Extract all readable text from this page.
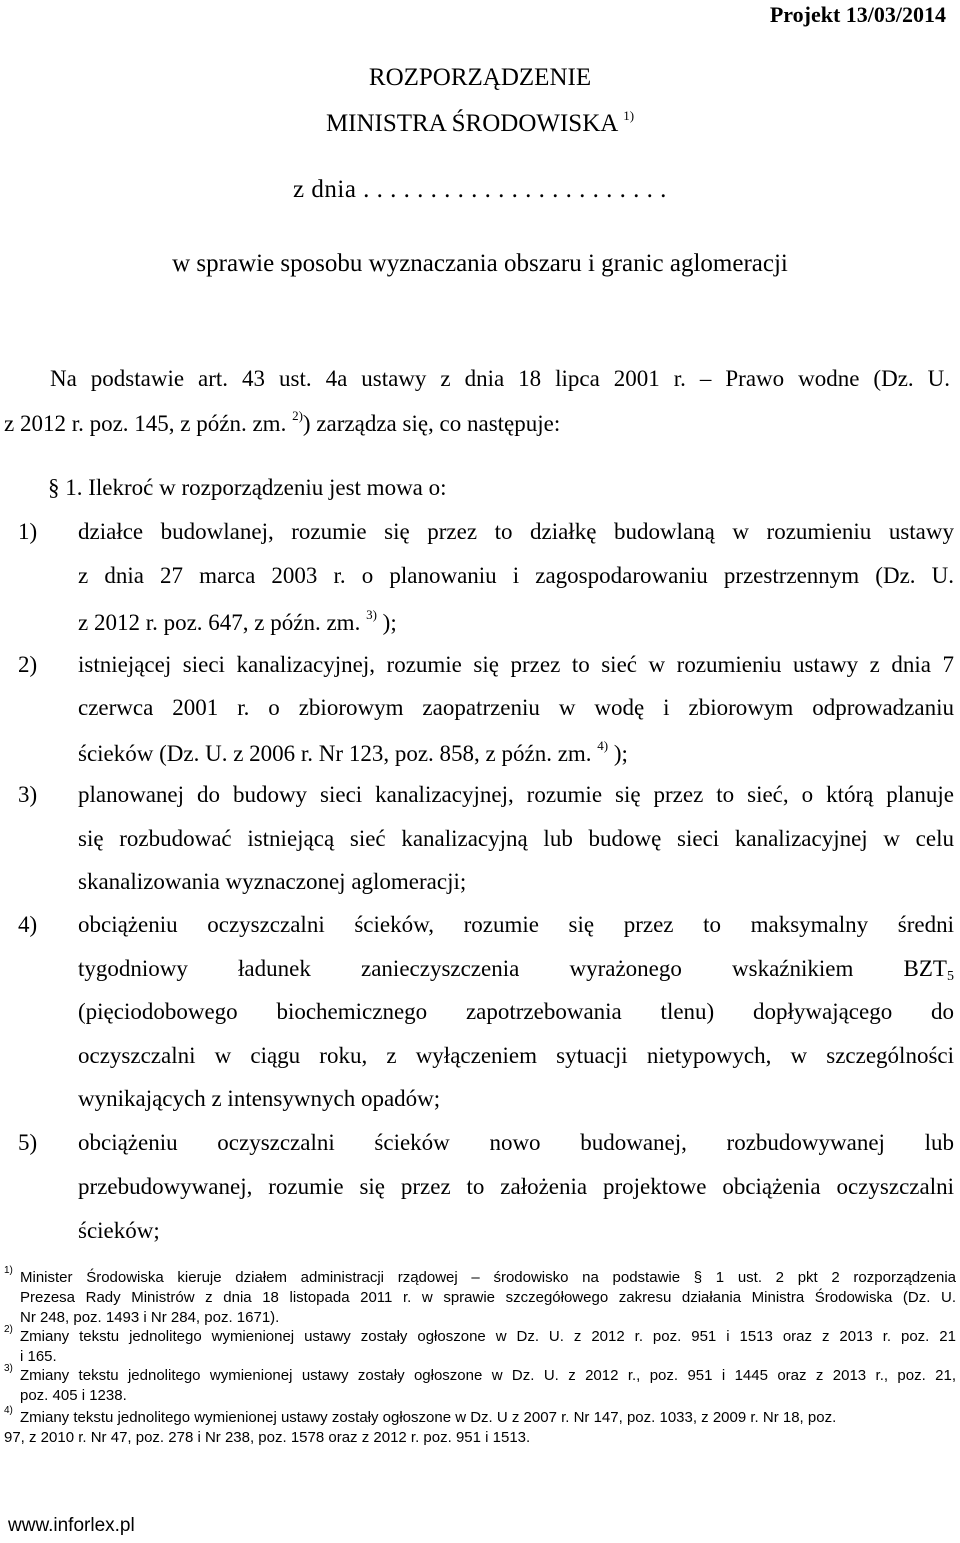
Projekt 13/03/2014
ROZPORZĄDZENIE
MINISTRA ŚRODOWISKA $^{1)}$
z dnia . . . . . . . . . . . . . . . . . . . . . . .
w sprawie sposobu wyznaczania obszaru i granic aglomeracji
Na podstawie art. 43 ust. 4a ustawy z dnia 18 lipca 2001 r. – Prawo wodne (Dz. U.
z 2012 r. poz. 145, z późn. zm. $^{2)}$) zarządza się, co następuje:
§ 1. Ilekroć w rozporządzeniu jest mowa o:
1) działce budowlanej, rozumie się przez to działkę budowlaną w rozumieniu ustawy
z dnia 27 marca 2003 r. o planowaniu i zagospodarowaniu przestrzennym (Dz. U.
z 2012 r. poz. 647, z późn. zm. $^{3)}$ );
2) istniejącej sieci kanalizacyjnej, rozumie się przez to sieć w rozumieniu ustawy z dnia 7
czerwca 2001 r. o zbiorowym zaopatrzeniu w wodę i zbiorowym odprowadzaniu
ścieków (Dz. U. z 2006 r. Nr 123, poz. 858, z późn. zm. $^{4)}$ );
3) planowanej do budowy sieci kanalizacyjnej, rozumie się przez to sieć, o którą planuje
się rozbudować istniejącą sieć kanalizacyjną lub budowę sieci kanalizacyjnej w celu
skanalizowania wyznaczonej aglomeracji;
4) obciążeniu oczyszczalni ścieków, rozumie się przez to maksymalny średni
tygodniowy ładunek zanieczyszczenia wyrażonego wskaźnikiem $BZT_5$
(pięciodobowego biochemicznego zapotrzebowania tlenu) dopływającego do
oczyszczalni w ciągu roku, z wyłączeniem sytuacji nietypowych, w szczególności
wynikających z intensywnych opadów;
5) obciążeniu oczyszczalni ścieków nowo budowanej, rozbudowywanej lub
przebudowywanej, rozumie się przez to założenia projektowe obciążenia oczyszczalni
ścieków;
1) Minister Środowiska kieruje działem administracji rządowej – środowisko na podstawie § 1 ust. 2 pkt 2 rozporządzenia
Prezesa Rady Ministrów z dnia 18 listopada 2011 r. w sprawie szczegółowego zakresu działania Ministra Środowiska (Dz. U.
Nr 248, poz. 1493 i Nr 284, poz. 1671).
2) Zmiany tekstu jednolitego wymienionej ustawy zostały ogłoszone w Dz. U. z 2012 r. poz. 951 i 1513 oraz z 2013 r. poz. 21
i 165.
3) Zmiany tekstu jednolitego wymienionej ustawy zostały ogłoszone w Dz. U. z 2012 r., poz. 951 i 1445 oraz z 2013 r., poz. 21,
poz. 405 i 1238.
4) Zmiany tekstu jednolitego wymienionej ustawy zostały ogłoszone w Dz. U z 2007 r. Nr 147, poz. 1033, z 2009 r. Nr 18, poz.
97, z 2010 r. Nr 47, poz. 278 i Nr 238, poz. 1578 oraz z 2012 r. poz. 951 i 1513.
www.inforlex.pl
